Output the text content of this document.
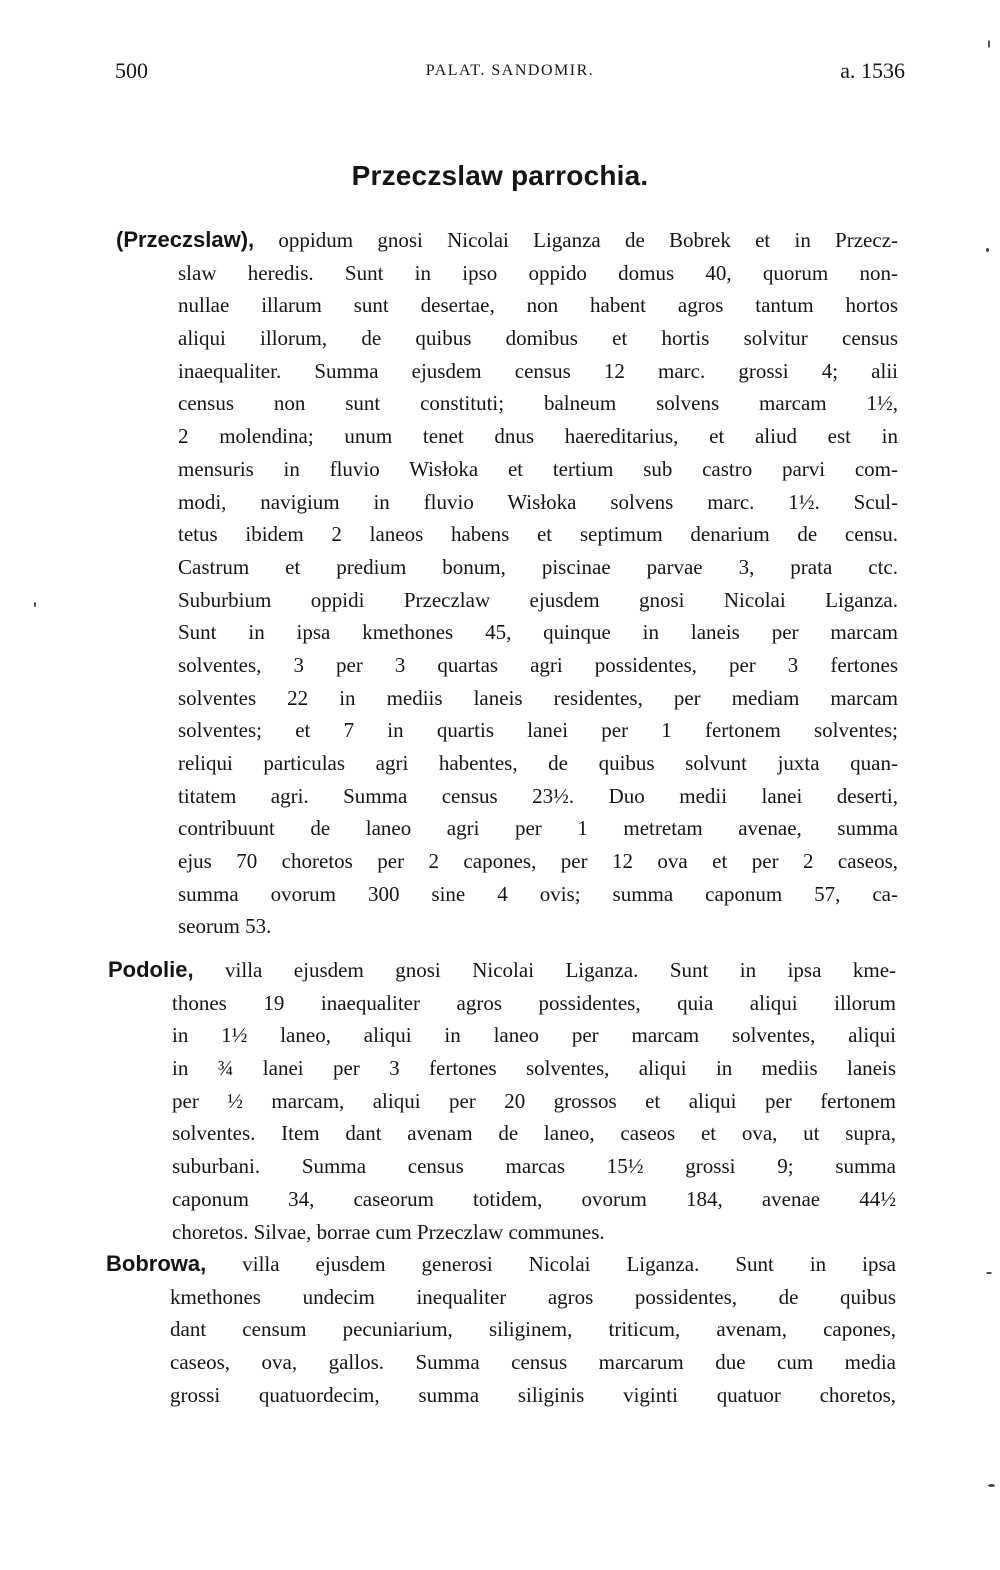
500	PALAT. SANDOMIR.	a. 1536
Przeczslaw parrochia.
(Przeczslaw), oppidum gnosi Nicolai Liganza de Bobrek et in Przecz-
slaw heredis. Sunt in ipso oppido domus 40, quorum non-
nullae illarum sunt desertae, non habent agros tantum hortos
aliqui illorum, de quibus domibus et hortis solvitur census
inaequaliter. Summa ejusdem census 12 marc. grossi 4; alii
census non sunt constituti; balneum solvens marcam 1½,
2 molendina; unum tenet dnus haereditarius, et aliud est in
mensuris in fluvio Wisłoka et tertium sub castro parvi com-
modi, navigium in fluvio Wisłoka solvens marc. 1½. Scul-
tetus ibidem 2 laneos habens et septimum denarium de censu.
Castrum et predium bonum, piscinae parvae 3, prata ctc.
Suburbium oppidi Przeczlaw ejusdem gnosi Nicolai Liganza.
Sunt in ipsa kmethones 45, quinque in laneis per marcam
solventes, 3 per 3 quartas agri possidentes, per 3 fertones
solventes 22 in mediis laneis residentes, per mediam marcam
solventes; et 7 in quartis lanei per 1 fertonem solventes;
reliqui particulas agri habentes, de quibus solvunt juxta quan-
titatem agri. Summa census 23½. Duo medii lanei deserti,
contribuunt de laneo agri per 1 metretam avenae, summa
ejus 70 choretos per 2 capones, per 12 ova et per 2 caseos,
summa ovorum 300 sine 4 ovis; summa caponum 57, ca-
seorum 53.
Podolie, villa ejusdem gnosi Nicolai Liganza. Sunt in ipsa kme-
thones 19 inaequaliter agros possidentes, quia aliqui illorum
in 1½ laneo, aliqui in laneo per marcam solventes, aliqui
in ¾ lanei per 3 fertones solventes, aliqui in mediis laneis
per ½ marcam, aliqui per 20 grossos et aliqui per fertonem
solventes. Item dant avenam de laneo, caseos et ova, ut supra,
suburbani. Summa census marcas 15½ grossi 9; summa
caponum 34, caseorum totidem, ovorum 184, avenae 44½
choretos. Silvae, borrae cum Przeczlaw communes.
Bobrowa, villa ejusdem generosi Nicolai Liganza. Sunt in ipsa
kmethones undecim inequaliter agros possidentes, de quibus
dant censum pecuniarium, siliginem, triticum, avenam, capones,
caseos, ova, gallos. Summa census marcarum due cum media
grossi quatuordecim, summa siliginis viginti quatuor choretos,
